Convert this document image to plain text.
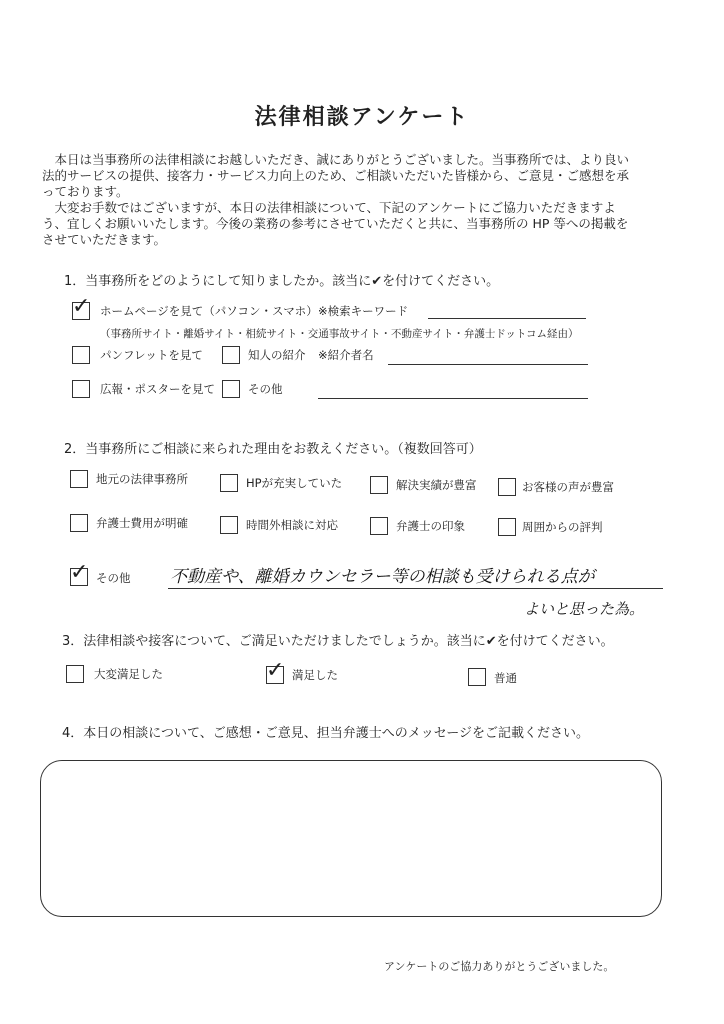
法律相談アンケート

本日は当事務所の法律相談にお越しいただき、誠にありがとうございました。当事務所では、より良い法的サービスの提供、接客力・サービス力向上のため、ご相談いただいた皆様から、ご意見・ご感想を承っております。

大変お手数ではございますが、本日の法律相談について、下記のアンケートにご協力いただきますよう、宜しくお願いいたします。今後の業務の参考にさせていただくと共に、当事務所の HP 等への掲載をさせていただきます。

1．当事務所をどのようにして知りましたか。該当に✔を付けてください。
✓ ホームページを見て（パソコン・スマホ） ※検索キーワード
（事務所サイト・離婚サイト・相続サイト・交通事故サイト・不動産サイト・弁護士ドットコム経由）
パンフレットを見て	知人の紹介 ※紹介者名
広報・ポスターを見て	その他
2．当事務所にご相談に来られた理由をお教えください。（複数回答可）
地元の法律事務所	HPが充実していた	解決実績が豊富	お客様の声が豊富
弁護士費用が明確	時間外相談に対応	弁護士の印象	周囲からの評判
✓ その他 不動産や、離婚カウンセラー等の相談も受けられる点が
よいと思った為。
3．法律相談や接客について、ご満足いただけましたでしょうか。該当に✔を付けてください。
大変満足した	✓ 満足した	普通
4．本日の相談について、ご感想・ご意見、担当弁護士へのメッセージをご記載ください。
アンケートのご協力ありがとうございました。
